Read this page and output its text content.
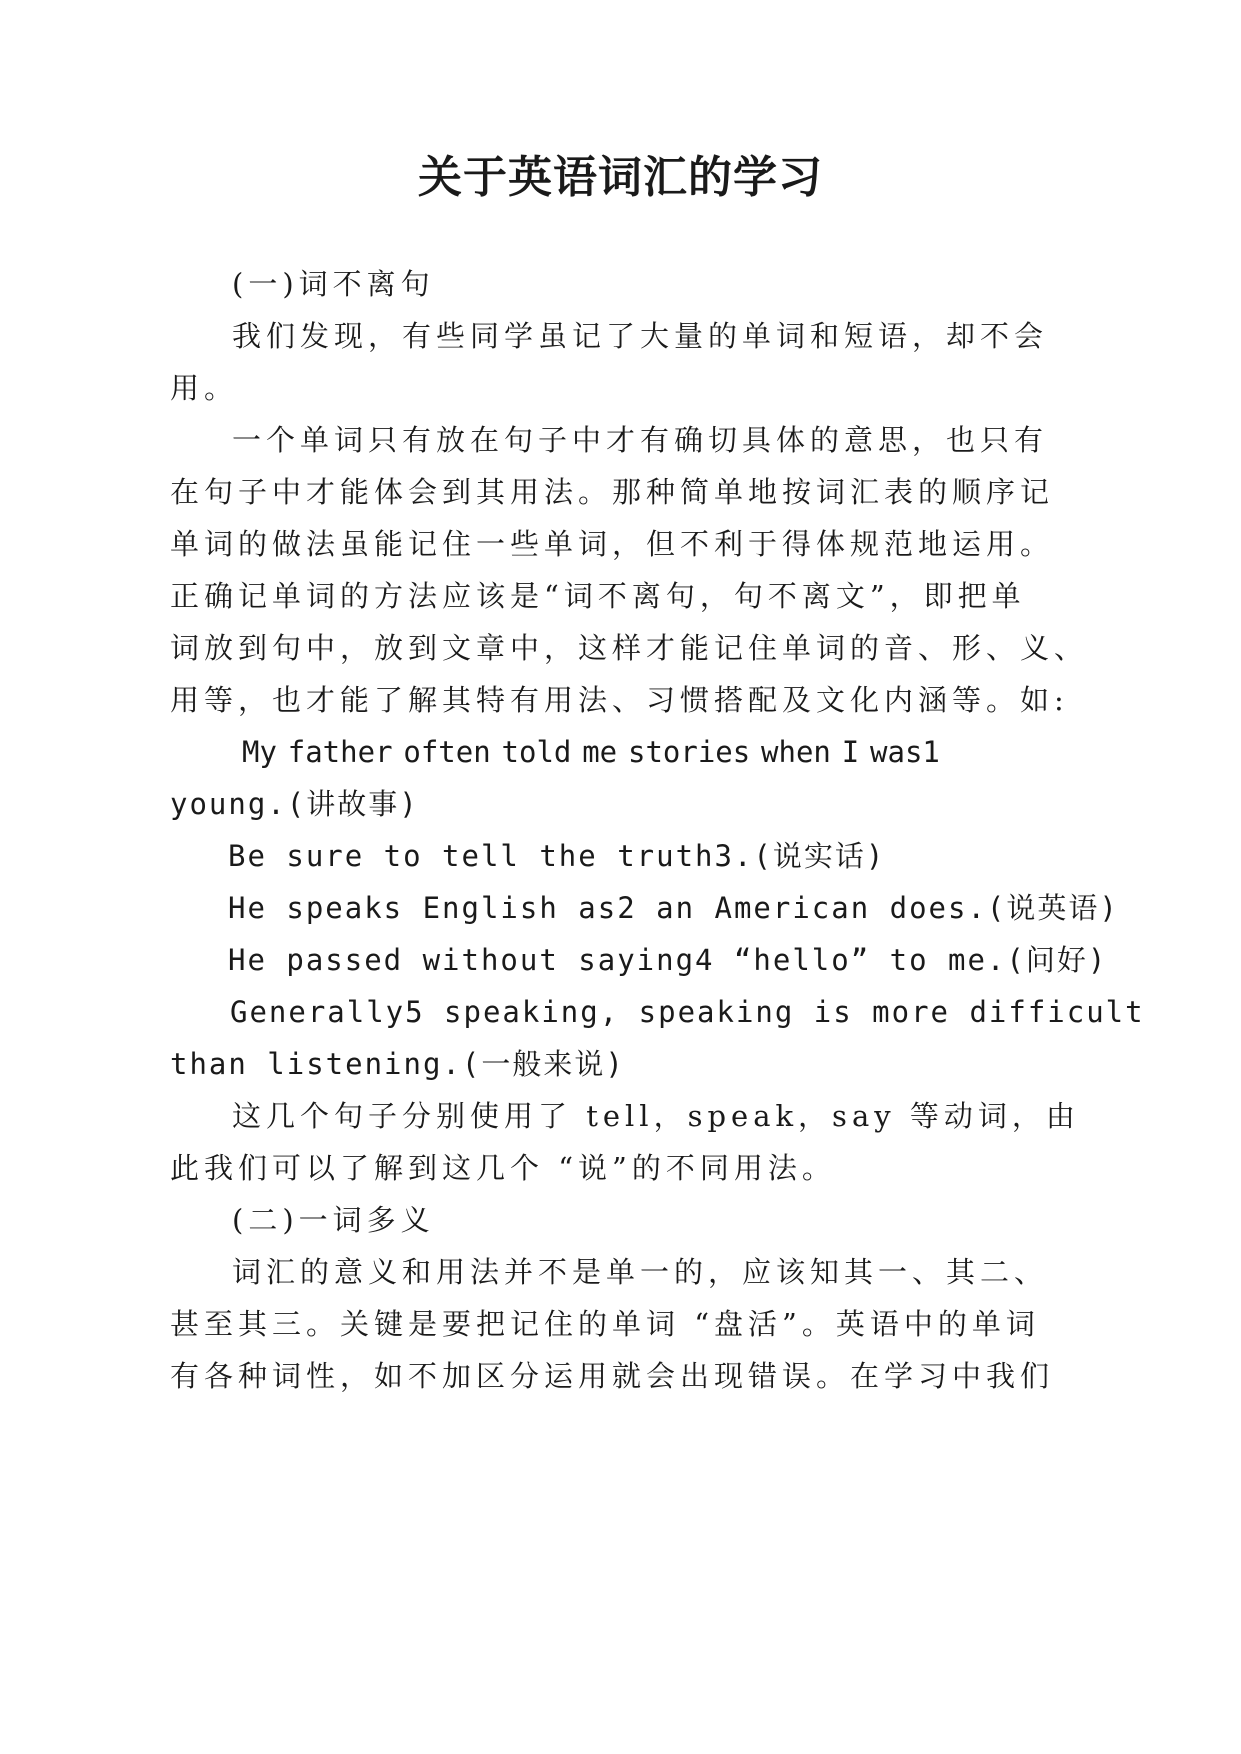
关于英语词汇的学习
(一)词不离句
我们发现，有些同学虽记了大量的单词和短语，却不会
用。
一个单词只有放在句子中才有确切具体的意思，也只有
在句子中才能体会到其用法。那种简单地按词汇表的顺序记
单词的做法虽能记住一些单词，但不利于得体规范地运用。
正确记单词的方法应该是“词不离句，句不离文”，即把单
词放到句中，放到文章中，这样才能记住单词的音、形、义、
用等，也才能了解其特有用法、习惯搭配及文化内涵等。如:
My father often told me stories when I was1
young.(讲故事)
Be sure to tell the truth3.(说实话)
He speaks English as2 an American does.(说英语)
He passed without saying4 “hello” to me.(问好)
Generally5 speaking, speaking is more difficult
than listening.(一般来说)
这几个句子分别使用了 tell，speak，say 等动词，由
此我们可以了解到这几个 “说”的不同用法。
(二)一词多义
词汇的意义和用法并不是单一的，应该知其一、其二、
甚至其三。关键是要把记住的单词 “盘活”。英语中的单词
有各种词性，如不加区分运用就会出现错误。在学习中我们
